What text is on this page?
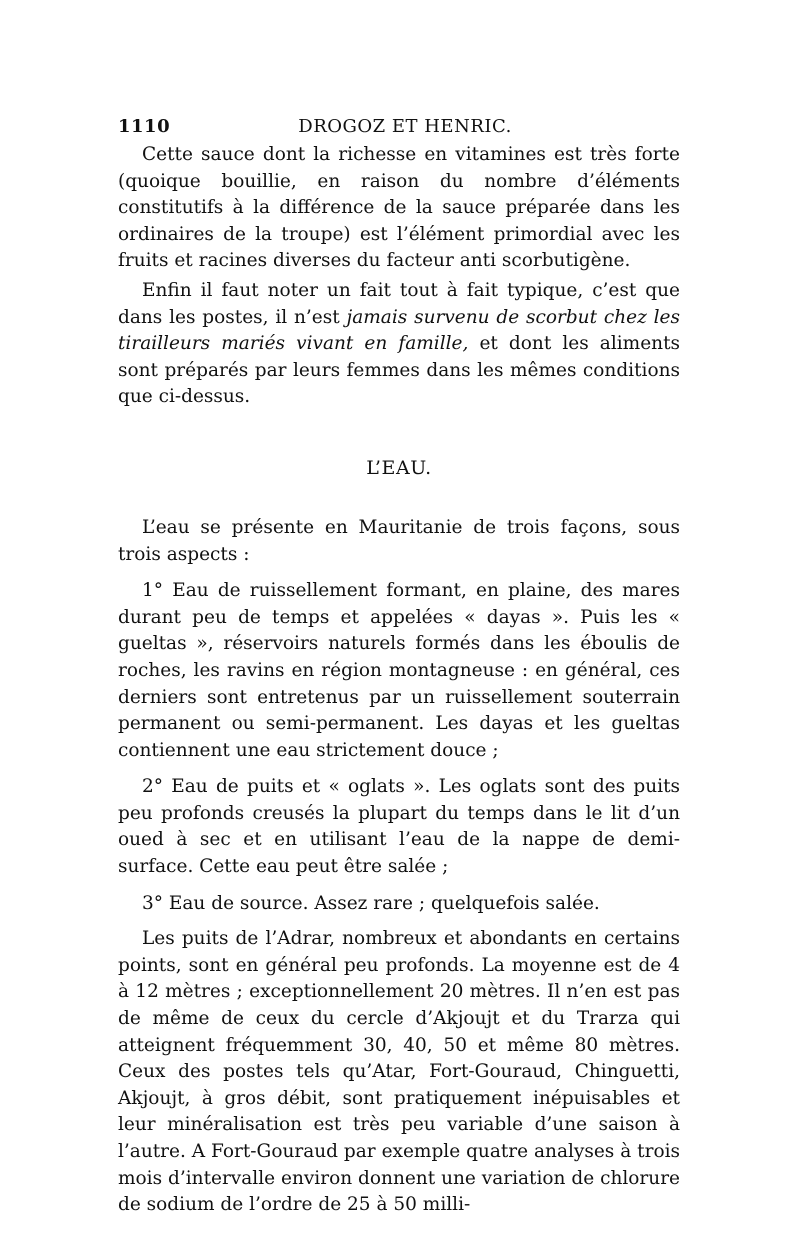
1110	DROGOZ ET HENRIC.

Cette sauce dont la richesse en vitamines est très forte (quoique bouillie, en raison du nombre d’éléments constitutifs à la différence de la sauce préparée dans les ordinaires de la troupe) est l’élément primordial avec les fruits et racines diverses du facteur anti scorbutigène.

Enfin il faut noter un fait tout à fait typique, c’est que dans les postes, il n’est jamais survenu de scorbut chez les tirailleurs mariés vivant en famille, et dont les aliments sont préparés par leurs femmes dans les mêmes conditions que ci-dessus.

L’EAU.

L’eau se présente en Mauritanie de trois façons, sous trois aspects :

1° Eau de ruissellement formant, en plaine, des mares durant peu de temps et appelées « dayas ». Puis les « gueltas », réservoirs naturels formés dans les éboulis de roches, les ravins en région montagneuse : en général, ces derniers sont entretenus par un ruissellement souterrain permanent ou semi-permanent. Les dayas et les gueltas contiennent une eau strictement douce ;

2° Eau de puits et « oglats ». Les oglats sont des puits peu profonds creusés la plupart du temps dans le lit d’un oued à sec et en utilisant l’eau de la nappe de demi-surface. Cette eau peut être salée ;

3° Eau de source. Assez rare ; quelquefois salée.

Les puits de l’Adrar, nombreux et abondants en certains points, sont en général peu profonds. La moyenne est de 4 à 12 mètres ; exceptionnellement 20 mètres. Il n’en est pas de même de ceux du cercle d’Akjoujt et du Trarza qui atteignent fréquemment 30, 40, 50 et même 80 mètres. Ceux des postes tels qu’Atar, Fort-Gouraud, Chinguetti, Akjoujt, à gros débit, sont pratiquement inépuisables et leur minéralisation est très peu variable d’une saison à l’autre. A Fort-Gouraud par exemple quatre analyses à trois mois d’intervalle environ donnent une variation de chlorure de sodium de l’ordre de 25 à 50 milli-
